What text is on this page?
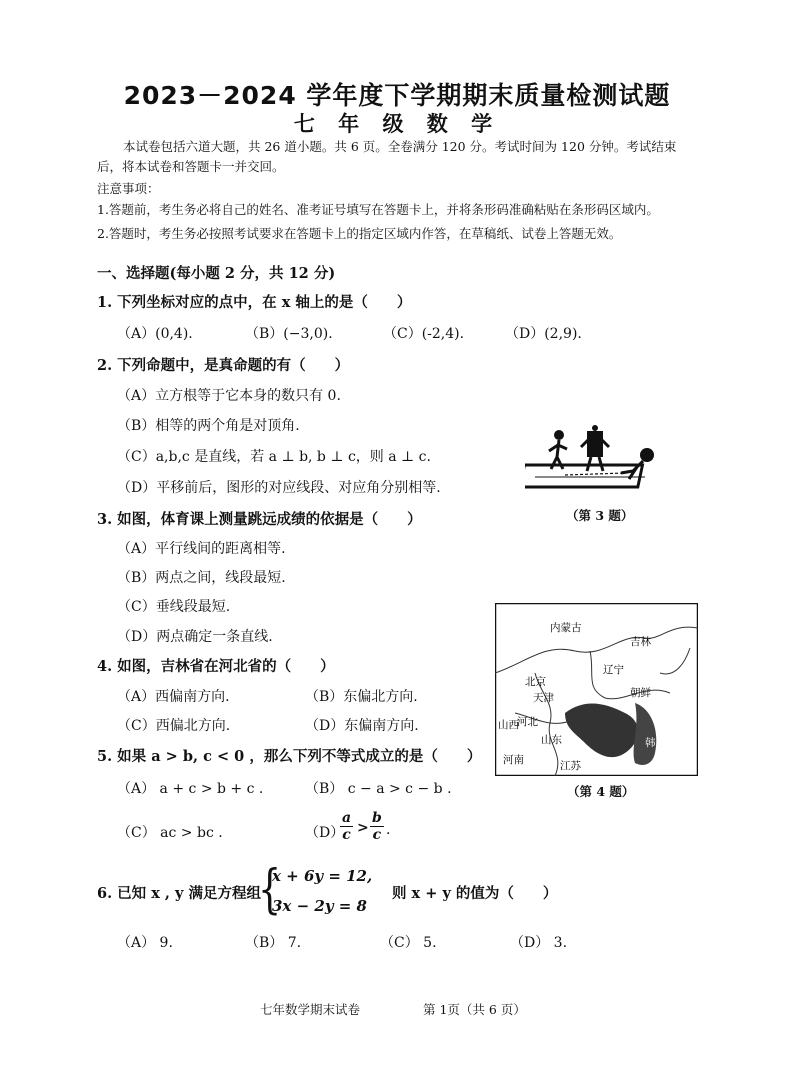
2023－2024 学年度下学期期末质量检测试题
七 年 级 数 学
本试卷包括六道大题，共 26 道小题。共 6 页。全卷满分 120 分。考试时间为 120 分钟。考试结束后，将本试卷和答题卡一并交回。
注意事项：
1.答题前，考生务必将自己的姓名、准考证号填写在答题卡上，并将条形码准确粘贴在条形码区域内。
2.答题时，考生务必按照考试要求在答题卡上的指定区域内作答，在草稿纸、试卷上答题无效。
一、选择题(每小题 2 分，共 12 分)
1. 下列坐标对应的点中，在 x 轴上的是（　　）
（A）(0,4).	（B）(−3,0).	（C）(-2,4).	（D）(2,9).
2. 下列命题中，是真命题的有（　　）
（A）立方根等于它本身的数只有 0.
（B）相等的两个角是对顶角.
（C）a,b,c 是直线，若 a ⊥ b, b ⊥ c，则 a ⊥ c.
（D）平移前后，图形的对应线段、对应角分别相等.
（第 3 题）
3. 如图，体育课上测量跳远成绩的依据是（　　）
（A）平行线间的距离相等.
（B）两点之间，线段最短.
（C）垂线段最短.
（D）两点确定一条直线.
内蒙古
吉林
辽宁
北京
天津
河北
朝鲜
山西
山东	韩国
河南	江苏
（第 4 题）
4. 如图，吉林省在河北省的（　　）
（A）西偏南方向.	（B）东偏北方向.
（C）西偏北方向.	（D）东偏南方向.
5. 如果 a > b, c < 0 ，那么下列不等式成立的是（　　）
（A） a + c > b + c .	（B） c − a > c − b .
（C） ac > bc .	（D）
$\frac{a}{c} > \frac{b}{c}$ .
6. 已知 x , y 满足方程组
{
x + 6y = 12,
3x − 2y = 8
则 x + y 的值为（　　）
（A） 9.	（B） 7.	（C） 5.	（D） 3.
七年数学期末试卷	第 1页（共 6 页）
